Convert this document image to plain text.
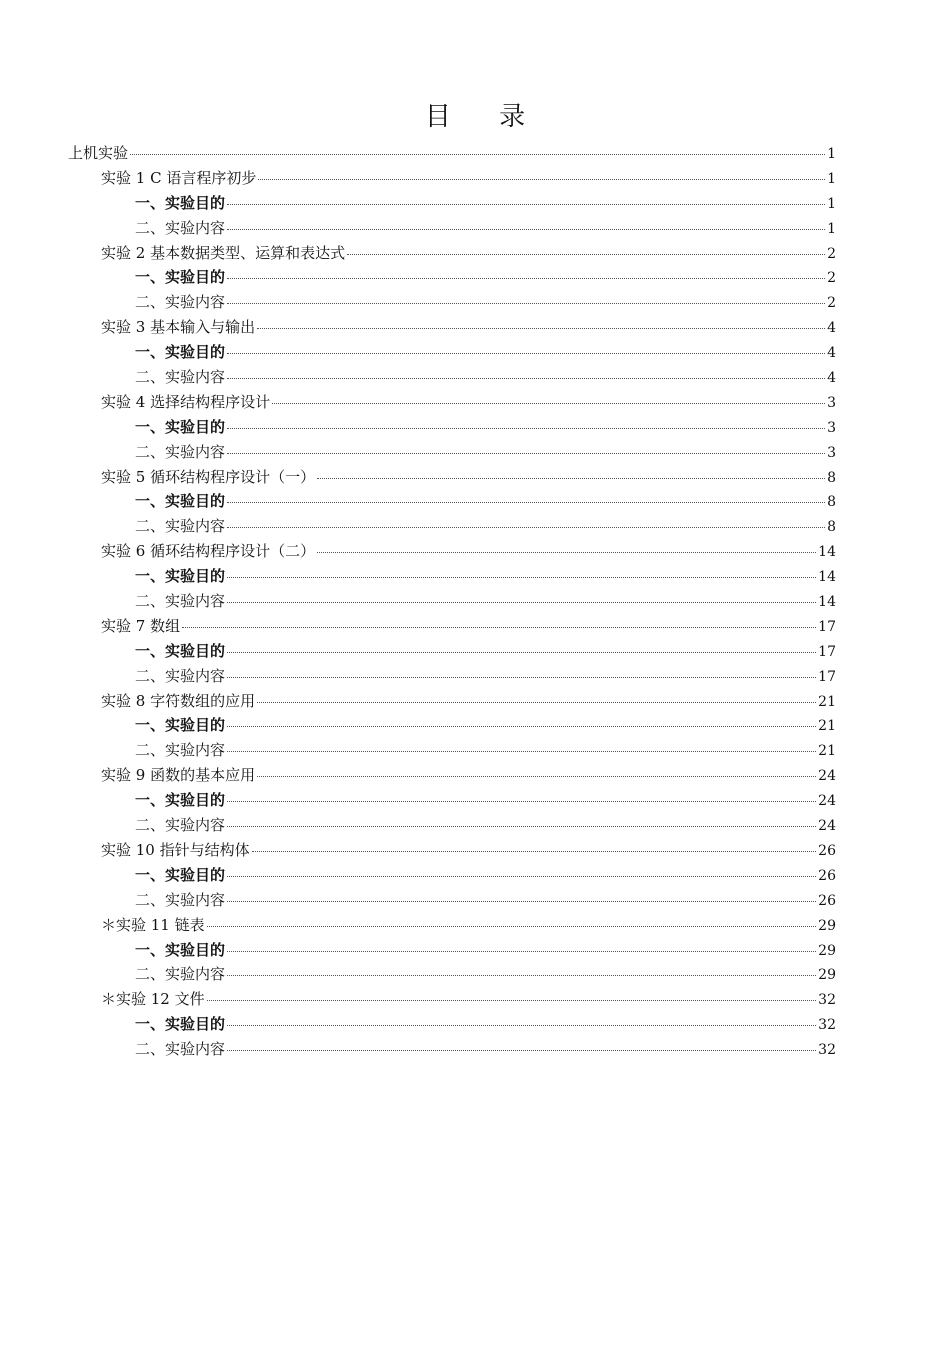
目 录
上机实验	1
实验 1 C 语言程序初步	1
一、实验目的	1
二、实验内容	1
实验 2 基本数据类型、运算和表达式	2
一、实验目的	2
二、实验内容	2
实验 3 基本输入与输出	4
一、实验目的	4
二、实验内容	4
实验 4 选择结构程序设计	3
一、实验目的	3
二、实验内容	3
实验 5 循环结构程序设计（一）	8
一、实验目的	8
二、实验内容	8
实验 6 循环结构程序设计（二）	14
一、实验目的	14
二、实验内容	14
实验 7 数组	17
一、实验目的	17
二、实验内容	17
实验 8 字符数组的应用	21
一、实验目的	21
二、实验内容	21
实验 9 函数的基本应用	24
一、实验目的	24
二、实验内容	24
实验 10 指针与结构体	26
一、实验目的	26
二、实验内容	26
＊实验 11 链表	29
一、实验目的	29
二、实验内容	29
＊实验 12 文件	32
一、实验目的	32
二、实验内容	32
